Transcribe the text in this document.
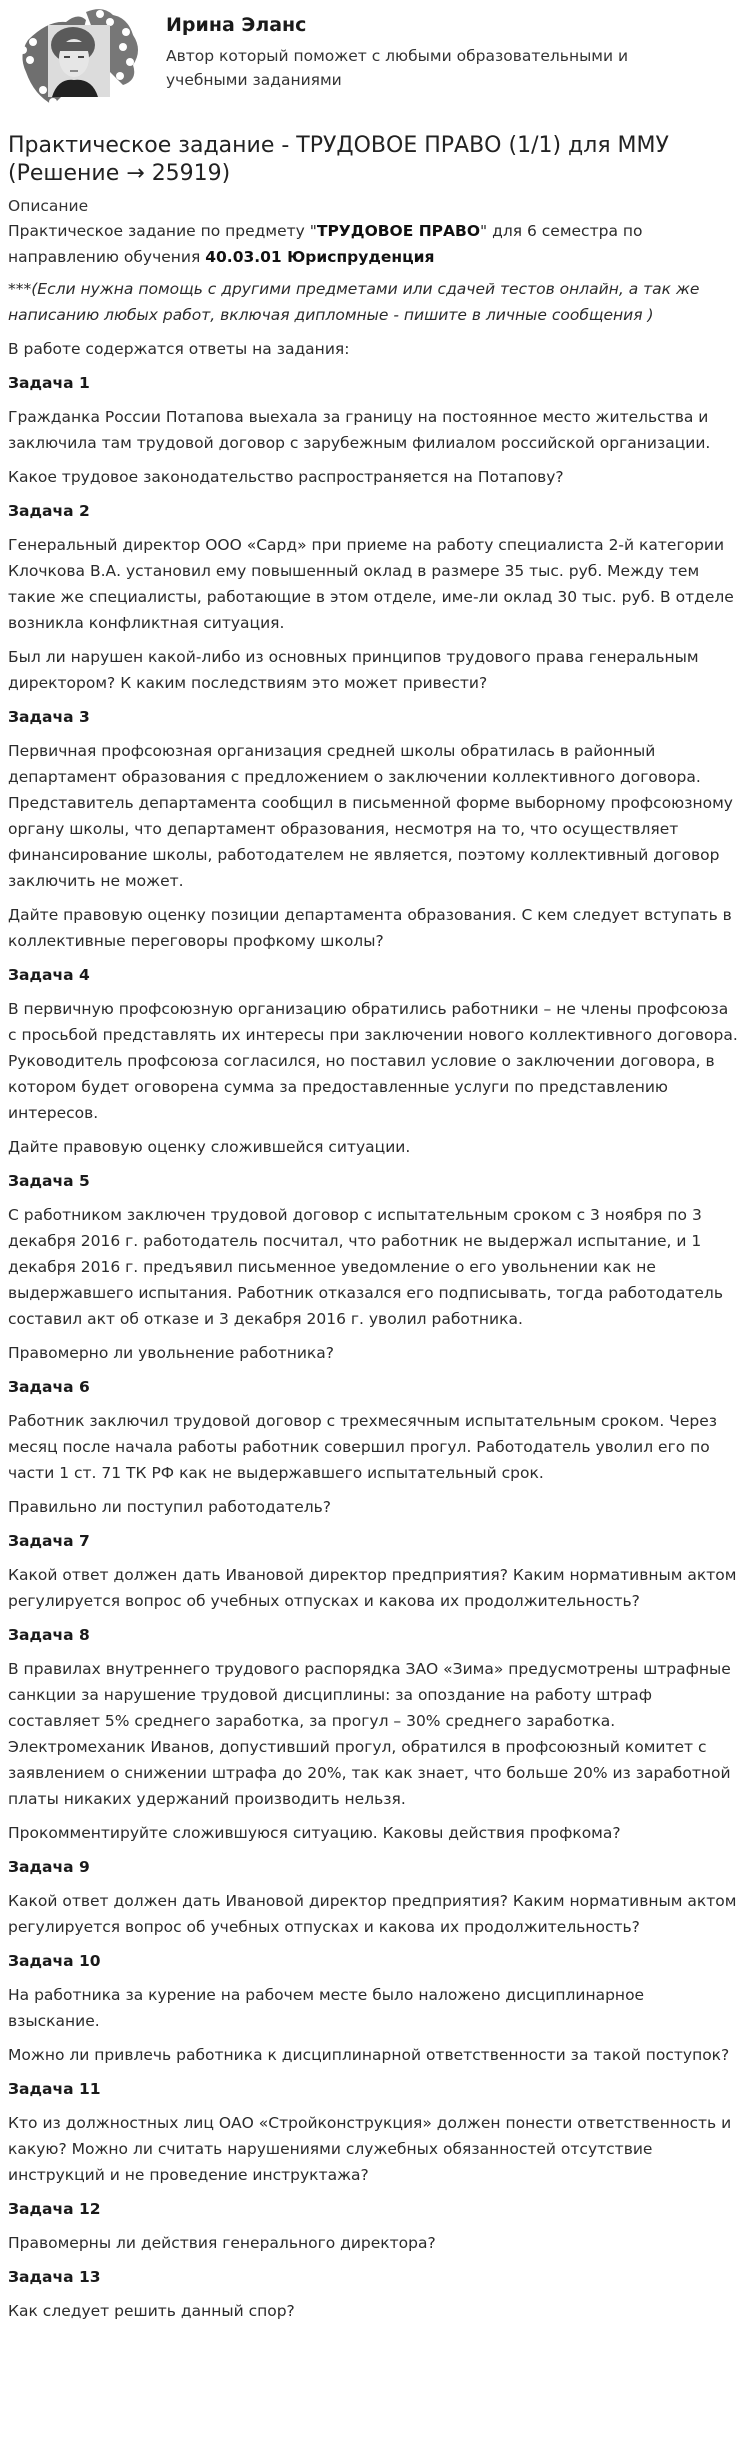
Ирина Эланс
Автор который поможет с любыми образовательными и учебными заданиями
Практическое задание - ТРУДОВОЕ ПРАВО (1/1) для ММУ (Решение → 25919)
Описание

Практическое задание по предмету "ТРУДОВОЕ ПРАВО" для 6 семестра по направлению обучения 40.03.01 Юриспруденция

***(Если нужна помощь с другими предметами или сдачей тестов онлайн, а так же написанию любых работ, включая дипломные - пишите в личные сообщения )

В работе содержатся ответы на задания:

Задача 1

Гражданка России Потапова выехала за границу на постоянное место жительства и заключила там трудовой договор с зарубежным филиалом российской организации.

Какое трудовое законодательство распространяется на Потапову?

Задача 2

Генеральный директор ООО «Сард» при приеме на работу специалиста 2-й категории Клочкова В.А. установил ему повышенный оклад в размере 35 тыс. руб. Между тем такие же специалисты, работающие в этом отделе, име-ли оклад 30 тыс. руб. В отделе возникла конфликтная ситуация.

Был ли нарушен какой-либо из основных принципов трудового права генеральным директором? К каким последствиям это может привести?

Задача 3

Первичная профсоюзная организация средней школы обратилась в районный департамент образования с предложением о заключении коллективного договора. Представитель департамента сообщил в письменной форме выборному профсоюзному органу школы, что департамент образования, несмотря на то, что осуществляет финансирование школы, работодателем не является, поэтому коллективный договор заключить не может.

Дайте правовую оценку позиции департамента образования. С кем следует вступать в коллективные переговоры профкому школы?

Задача 4

В первичную профсоюзную организацию обратились работники – не члены профсоюза с просьбой представлять их интересы при заключении нового коллективного договора. Руководитель профсоюза согласился, но поставил условие о заключении договора, в котором будет оговорена сумма за предоставленные услуги по представлению интересов.

Дайте правовую оценку сложившейся ситуации.

Задача 5

С работником заключен трудовой договор с испытательным сроком с 3 ноября по 3 декабря 2016 г. работодатель посчитал, что работник не выдержал испытание, и 1 декабря 2016 г. предъявил письменное уведомление о его увольнении как не выдержавшего испытания. Работник отказался его подписывать, тогда работодатель составил акт об отказе и 3 декабря 2016 г. уволил работника.

Правомерно ли увольнение работника?

Задача 6

Работник заключил трудовой договор с трехмесячным испытательным сроком. Через месяц после начала работы работник совершил прогул. Работодатель уволил его по части 1 ст. 71 ТК РФ как не выдержавшего испытательный срок.

Правильно ли поступил работодатель?

Задача 7

Какой ответ должен дать Ивановой директор предприятия? Каким нормативным актом регулируется вопрос об учебных отпусках и какова их продолжительность?

Задача 8

В правилах внутреннего трудового распорядка ЗАО «Зима» предусмотрены штрафные санкции за нарушение трудовой дисциплины: за опоздание на работу штраф составляет 5% среднего заработка, за прогул – 30% среднего заработка. Электромеханик Иванов, допустивший прогул, обратился в профсоюзный комитет с заявлением о снижении штрафа до 20%, так как знает, что больше 20% из заработной платы никаких удержаний производить нельзя.

Прокомментируйте сложившуюся ситуацию. Каковы действия профкома?

Задача 9

Какой ответ должен дать Ивановой директор предприятия? Каким нормативным актом регулируется вопрос об учебных отпусках и какова их продолжительность?

Задача 10

На работника за курение на рабочем месте было наложено дисциплинарное взыскание.

Можно ли привлечь работника к дисциплинарной ответственности за такой поступок?

Задача 11

Кто из должностных лиц ОАО «Стройконструкция» должен понести ответственность и какую? Можно ли считать нарушениями служебных обязанностей отсутствие инструкций и не проведение инструктажа?

Задача 12

Правомерны ли действия генерального директора?

Задача 13

Как следует решить данный спор?
